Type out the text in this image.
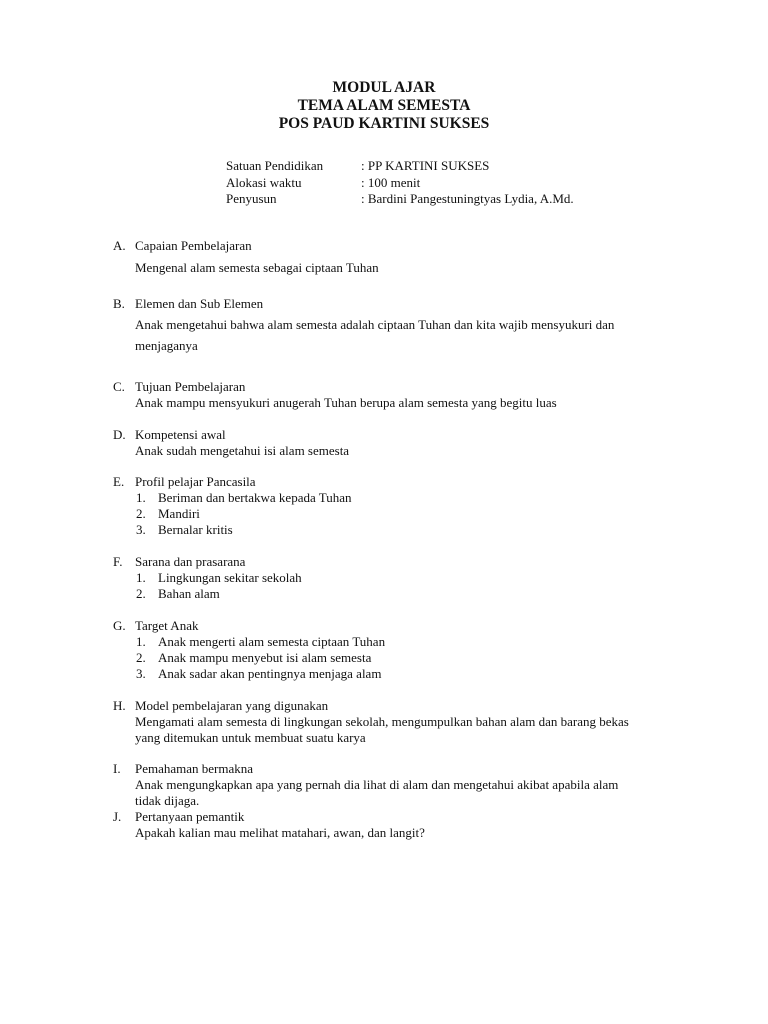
MODUL AJAR
TEMA ALAM SEMESTA
POS PAUD KARTINI SUKSES
Satuan Pendidikan	: PP KARTINI SUKSES
Alokasi waktu	: 100 menit
Penyusun	: Bardini Pangestuningtyas Lydia, A.Md.
A. Capaian Pembelajaran
Mengenal alam semesta sebagai ciptaan Tuhan
B. Elemen dan Sub Elemen
Anak mengetahui bahwa alam semesta adalah ciptaan Tuhan dan kita wajib mensyukuri dan
menjaganya
C. Tujuan Pembelajaran
Anak mampu mensyukuri anugerah Tuhan berupa alam semesta yang begitu luas
D. Kompetensi awal
Anak sudah mengetahui isi alam semesta
E. Profil pelajar Pancasila
1. Beriman dan bertakwa kepada Tuhan
2. Mandiri
3. Bernalar kritis
F. Sarana dan prasarana
1. Lingkungan sekitar sekolah
2. Bahan alam
G. Target Anak
1. Anak mengerti alam semesta ciptaan Tuhan
2. Anak mampu menyebut isi alam semesta
3. Anak sadar akan pentingnya menjaga alam
H. Model pembelajaran yang digunakan
Mengamati alam semesta di lingkungan sekolah, mengumpulkan bahan alam dan barang bekas
yang ditemukan untuk membuat suatu karya
I. Pemahaman bermakna
Anak mengungkapkan apa yang pernah dia lihat di alam dan mengetahui akibat apabila alam
tidak dijaga.
J. Pertanyaan pemantik
Apakah kalian mau melihat matahari, awan, dan langit?
